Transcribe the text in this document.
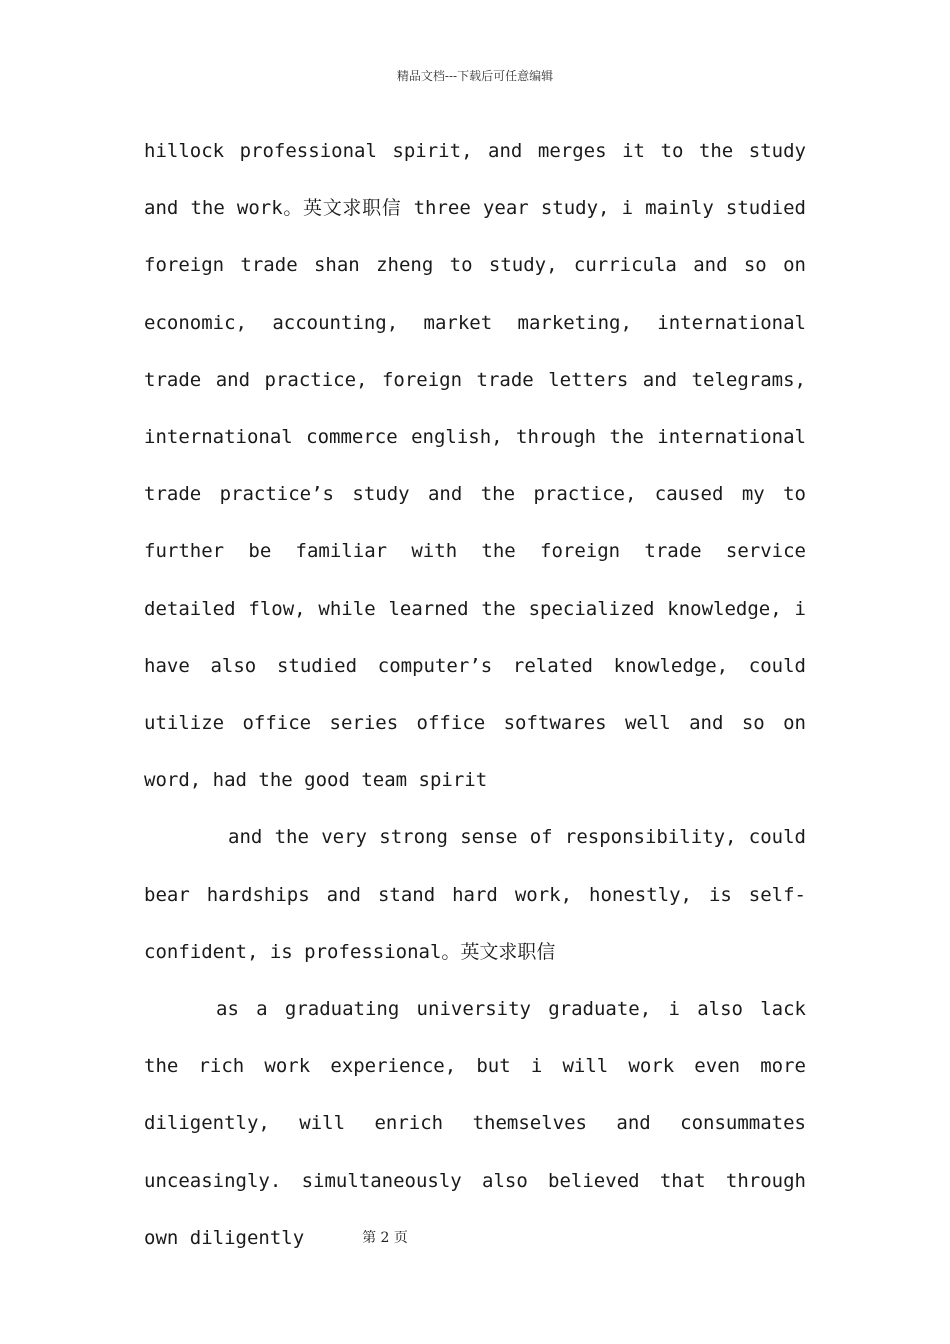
精品文档---下载后可任意编辑

hillock professional spirit, and merges it to the study and the work。英文求职信 three year study, i mainly studied foreign trade shan zheng to study, curricula and so on economic, accounting, market marketing, international trade and practice, foreign trade letters and telegrams, international commerce english, through the international trade practice’s study and the practice, caused my to further be familiar with the foreign trade service detailed flow, while learned the specialized knowledge, i have also studied computer’s related knowledge, could utilize office series office softwares well and so on word, had the good team spirit

and the very strong sense of responsibility, could bear hardships and stand hard work, honestly, is self-confident, is professional。英文求职信

as a graduating university graduate, i also lack the rich work experience, but i will work even more diligently, will enrich themselves and consummates unceasingly. simultaneously also believed that through own diligently	第 2 页
